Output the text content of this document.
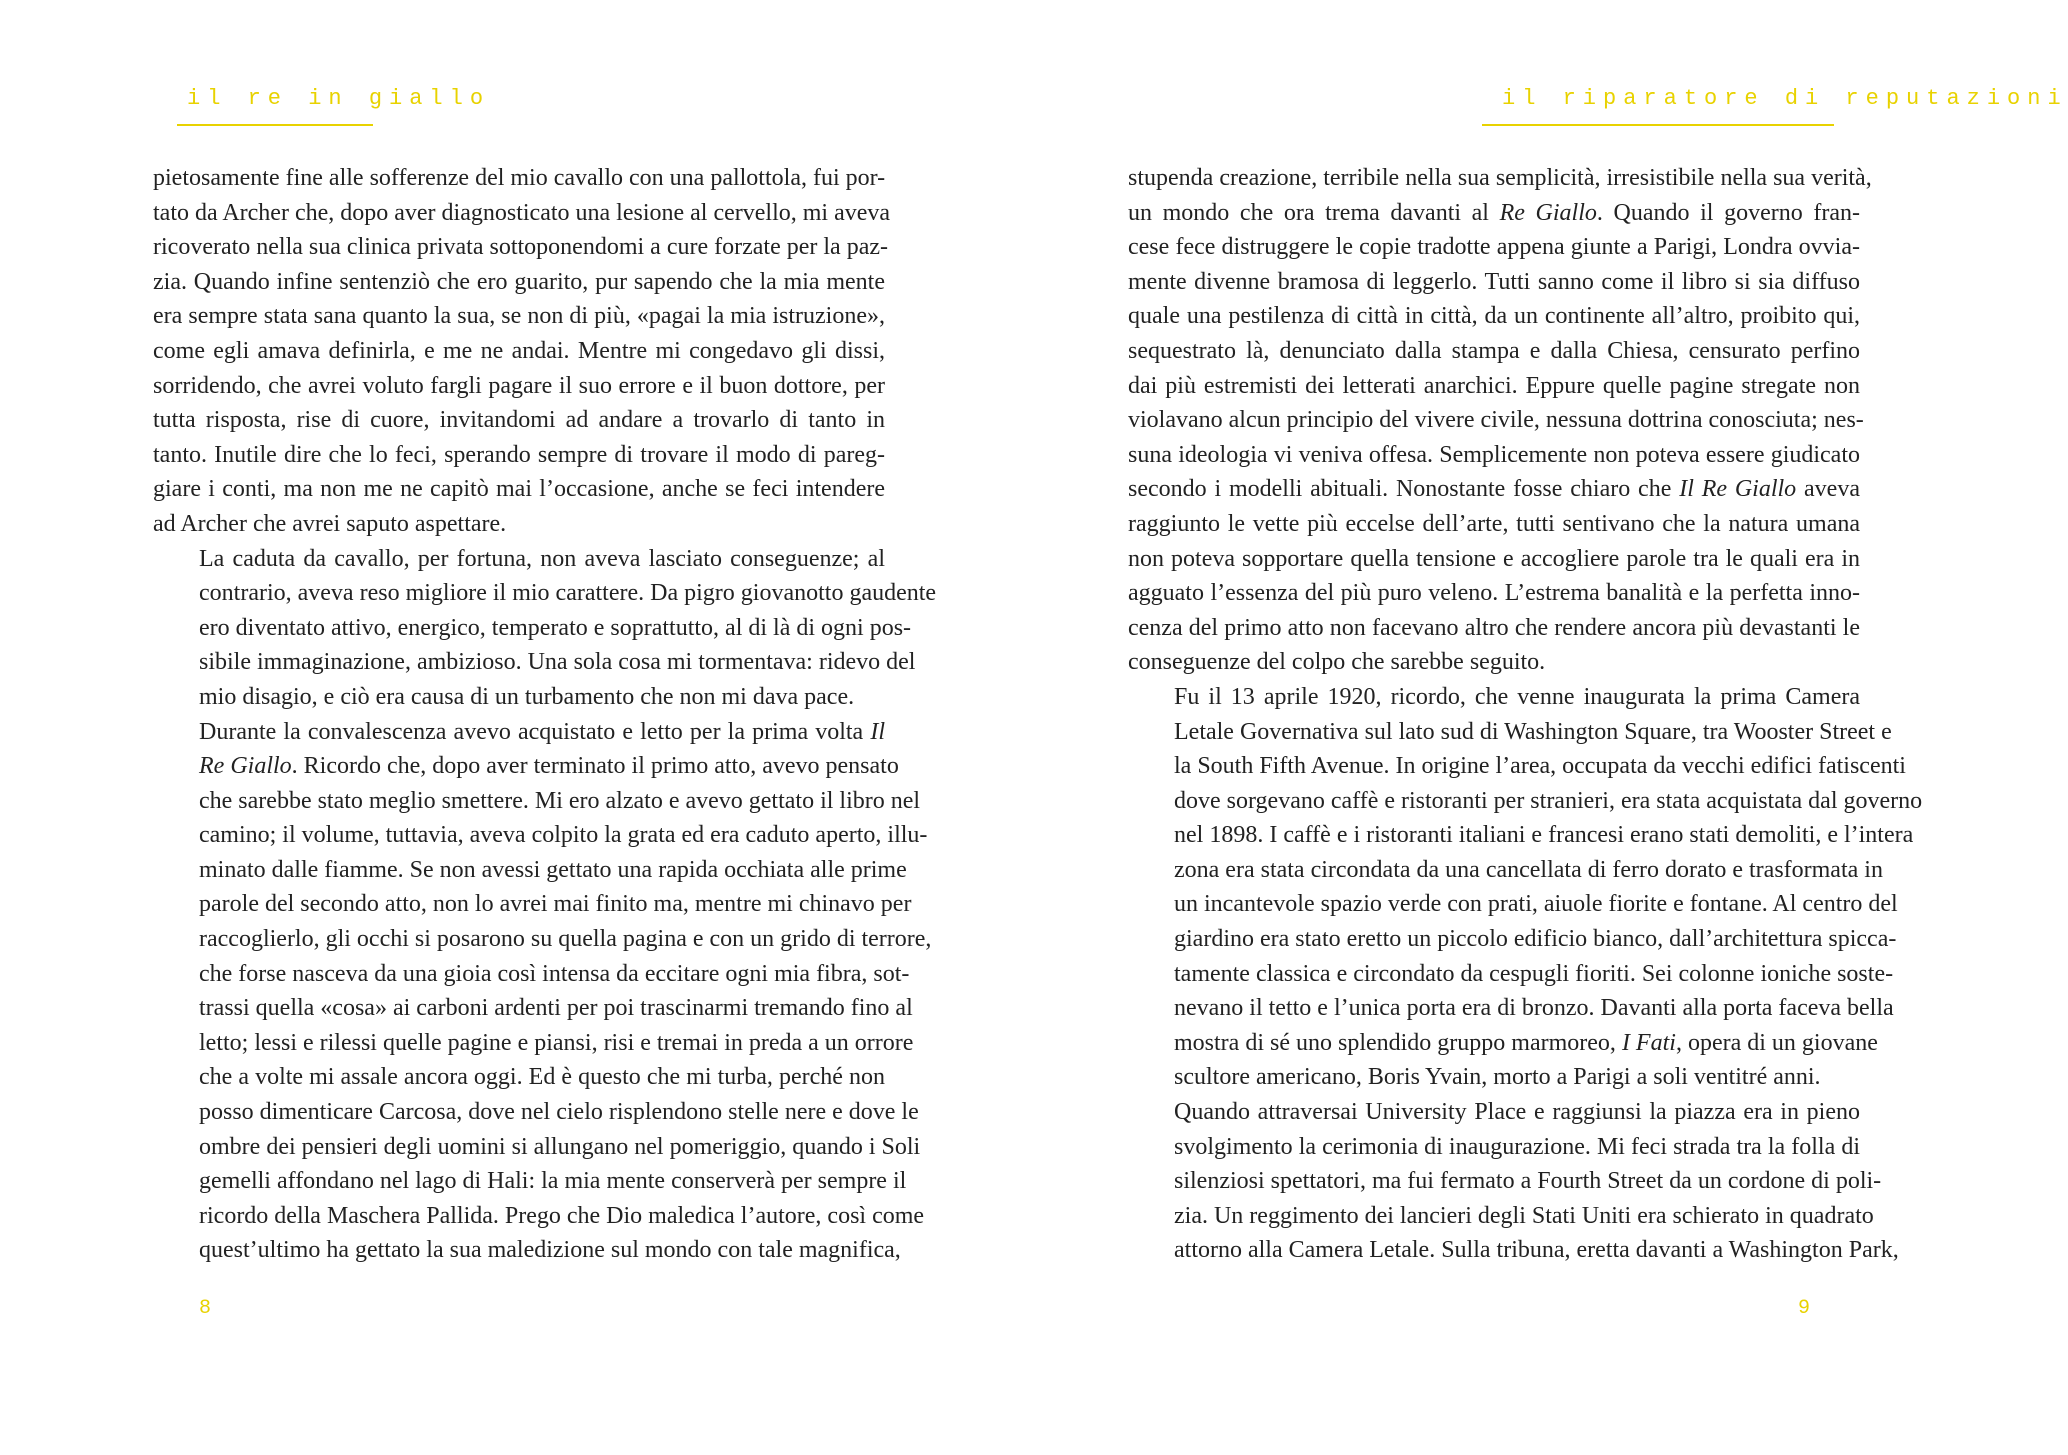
il re in giallo

pietosamente fine alle sofferenze del mio cavallo con una pallottola, fui por-
tato da Archer che, dopo aver diagnosticato una lesione al cervello, mi aveva
ricoverato nella sua clinica privata sottoponendomi a cure forzate per la paz-
zia. Quando infine sentenziò che ero guarito, pur sapendo che la mia mente
era sempre stata sana quanto la sua, se non di più, «pagai la mia istruzione»,
come egli amava definirla, e me ne andai. Mentre mi congedavo gli dissi,
sorridendo, che avrei voluto fargli pagare il suo errore e il buon dottore, per
tutta risposta, rise di cuore, invitandomi ad andare a trovarlo di tanto in
tanto. Inutile dire che lo feci, sperando sempre di trovare il modo di pareg-
giare i conti, ma non me ne capitò mai l’occasione, anche se feci intendere
ad Archer che avrei saputo aspettare.

La caduta da cavallo, per fortuna, non aveva lasciato conseguenze; al
contrario, aveva reso migliore il mio carattere. Da pigro giovanotto gaudente
ero diventato attivo, energico, temperato e soprattutto, al di là di ogni pos-
sibile immaginazione, ambizioso. Una sola cosa mi tormentava: ridevo del
mio disagio, e ciò era causa di un turbamento che non mi dava pace.

Durante la convalescenza avevo acquistato e letto per la prima volta Il
Re Giallo. Ricordo che, dopo aver terminato il primo atto, avevo pensato
che sarebbe stato meglio smettere. Mi ero alzato e avevo gettato il libro nel
camino; il volume, tuttavia, aveva colpito la grata ed era caduto aperto, illu-
minato dalle fiamme. Se non avessi gettato una rapida occhiata alle prime
parole del secondo atto, non lo avrei mai finito ma, mentre mi chinavo per
raccoglierlo, gli occhi si posarono su quella pagina e con un grido di terrore,
che forse nasceva da una gioia così intensa da eccitare ogni mia fibra, sot-
trassi quella «cosa» ai carboni ardenti per poi trascinarmi tremando fino al
letto; lessi e rilessi quelle pagine e piansi, risi e tremai in preda a un orrore
che a volte mi assale ancora oggi. Ed è questo che mi turba, perché non
posso dimenticare Carcosa, dove nel cielo risplendono stelle nere e dove le
ombre dei pensieri degli uomini si allungano nel pomeriggio, quando i Soli
gemelli affondano nel lago di Hali: la mia mente conserverà per sempre il
ricordo della Maschera Pallida. Prego che Dio maledica l’autore, così come
quest’ultimo ha gettato la sua maledizione sul mondo con tale magnifica,

8
il riparatore di reputazioni

stupenda creazione, terribile nella sua semplicità, irresistibile nella sua verità,
un mondo che ora trema davanti al Re Giallo. Quando il governo fran-
cese fece distruggere le copie tradotte appena giunte a Parigi, Londra ovvia-
mente divenne bramosa di leggerlo. Tutti sanno come il libro si sia diffuso
quale una pestilenza di città in città, da un continente all’altro, proibito qui,
sequestrato là, denunciato dalla stampa e dalla Chiesa, censurato perfino
dai più estremisti dei letterati anarchici. Eppure quelle pagine stregate non
violavano alcun principio del vivere civile, nessuna dottrina conosciuta; nes-
suna ideologia vi veniva offesa. Semplicemente non poteva essere giudicato
secondo i modelli abituali. Nonostante fosse chiaro che Il Re Giallo aveva
raggiunto le vette più eccelse dell’arte, tutti sentivano che la natura umana
non poteva sopportare quella tensione e accogliere parole tra le quali era in
agguato l’essenza del più puro veleno. L’estrema banalità e la perfetta inno-
cenza del primo atto non facevano altro che rendere ancora più devastanti le
conseguenze del colpo che sarebbe seguito.

Fu il 13 aprile 1920, ricordo, che venne inaugurata la prima Camera
Letale Governativa sul lato sud di Washington Square, tra Wooster Street e
la South Fifth Avenue. In origine l’area, occupata da vecchi edifici fatiscenti
dove sorgevano caffè e ristoranti per stranieri, era stata acquistata dal governo
nel 1898. I caffè e i ristoranti italiani e francesi erano stati demoliti, e l’intera
zona era stata circondata da una cancellata di ferro dorato e trasformata in
un incantevole spazio verde con prati, aiuole fiorite e fontane. Al centro del
giardino era stato eretto un piccolo edificio bianco, dall’architettura spicca-
tamente classica e circondato da cespugli fioriti. Sei colonne ioniche soste-
nevano il tetto e l’unica porta era di bronzo. Davanti alla porta faceva bella
mostra di sé uno splendido gruppo marmoreo, I Fati, opera di un giovane
scultore americano, Boris Yvain, morto a Parigi a soli ventitré anni.

Quando attraversai University Place e raggiunsi la piazza era in pieno
svolgimento la cerimonia di inaugurazione. Mi feci strada tra la folla di
silenziosi spettatori, ma fui fermato a Fourth Street da un cordone di poli-
zia. Un reggimento dei lancieri degli Stati Uniti era schierato in quadrato
attorno alla Camera Letale. Sulla tribuna, eretta davanti a Washington Park,

9
